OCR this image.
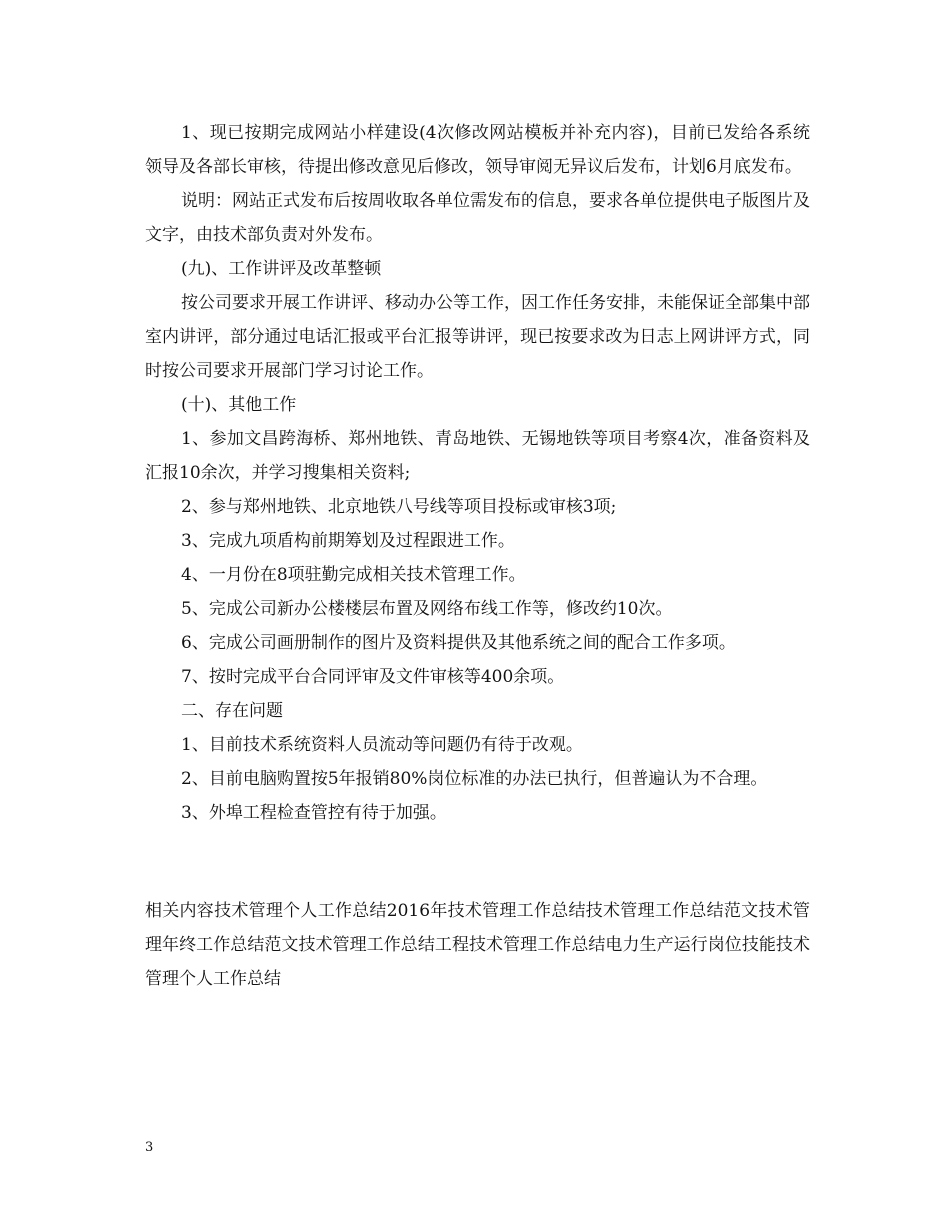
1、现已按期完成网站小样建设(4次修改网站模板并补充内容)，目前已发给各系统领导及各部长审核，待提出修改意见后修改，领导审阅无异议后发布，计划6月底发布。

说明：网站正式发布后按周收取各单位需发布的信息，要求各单位提供电子版图片及文字，由技术部负责对外发布。

(九)、工作讲评及改革整顿

按公司要求开展工作讲评、移动办公等工作，因工作任务安排，未能保证全部集中部室内讲评，部分通过电话汇报或平台汇报等讲评，现已按要求改为日志上网讲评方式，同时按公司要求开展部门学习讨论工作。

(十)、其他工作

1、参加文昌跨海桥、郑州地铁、青岛地铁、无锡地铁等项目考察4次，准备资料及汇报10余次，并学习搜集相关资料;

2、参与郑州地铁、北京地铁八号线等项目投标或审核3项;

3、完成九项盾构前期筹划及过程跟进工作。

4、一月份在8项驻勤完成相关技术管理工作。

5、完成公司新办公楼楼层布置及网络布线工作等，修改约10次。

6、完成公司画册制作的图片及资料提供及其他系统之间的配合工作多项。

7、按时完成平台合同评审及文件审核等400余项。

二、存在问题

1、目前技术系统资料人员流动等问题仍有待于改观。

2、目前电脑购置按5年报销80%岗位标准的办法已执行，但普遍认为不合理。

3、外埠工程检查管控有待于加强。

相关内容技术管理个人工作总结2016年技术管理工作总结技术管理工作总结范文技术管理年终工作总结范文技术管理工作总结工程技术管理工作总结电力生产运行岗位技能技术管理个人工作总结

3
